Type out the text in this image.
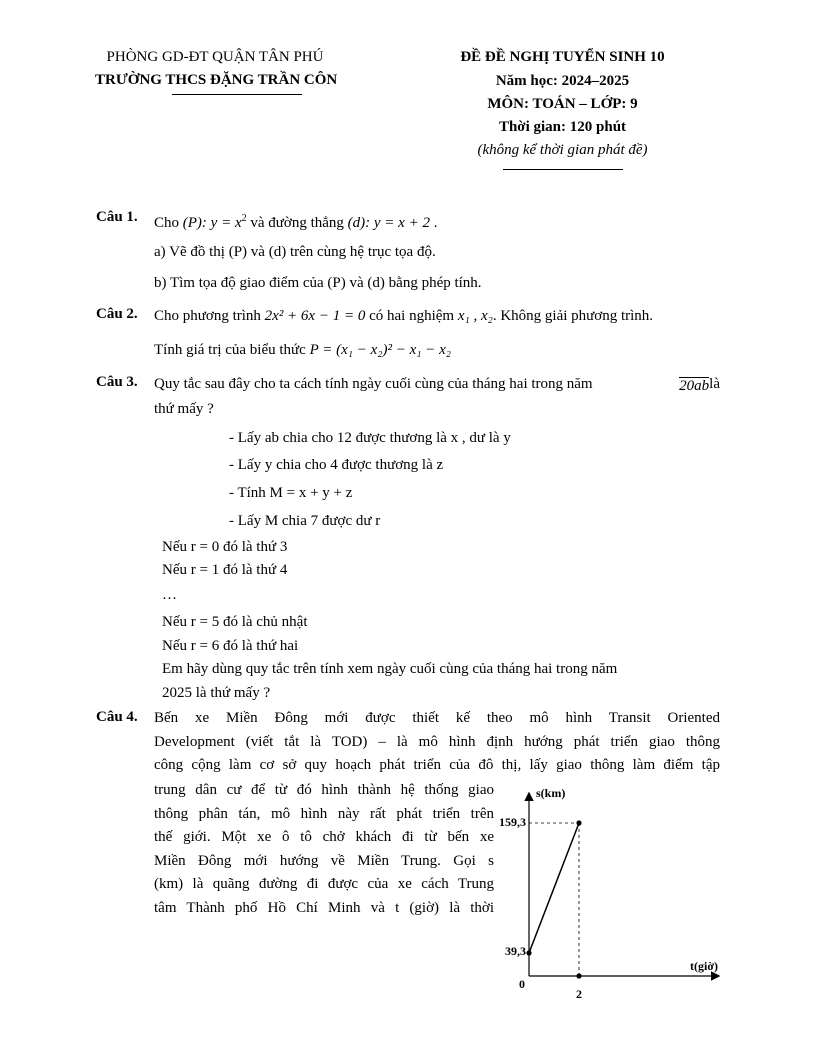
PHÒNG GD-ĐT QUẬN TÂN PHÚ
TRƯỜNG THCS ĐẶNG TRẦN CÔN
ĐỀ ĐỀ NGHỊ TUYỂN SINH 10
Năm học: 2024–2025
MÔN: TOÁN – LỚP: 9
Thời gian: 120 phút
(không kể thời gian phát đề)
Câu 1. Cho (P): $y = x^2$ và đường thẳng (d): y = x + 2 .
a) Vẽ đồ thị (P) và (d) trên cùng hệ trục tọa độ.
b) Tìm tọa độ giao điểm của (P) và (d) bằng phép tính.
Câu 2. Cho phương trình 2x² + 6x − 1 = 0 có hai nghiệm x₁ , x₂. Không giải phương trình.
Tính giá trị của biểu thức P = (x₁ − x₂)² − x₁ − x₂
Câu 3. Quy tắc sau đây cho ta cách tính ngày cuối cùng của tháng hai trong năm	20ab là
thứ mấy ?
- Lấy ab chia cho 12 được thương là x , dư là y
- Lấy y chia cho 4 được thương là z
- Tính M = x + y + z
- Lấy M chia 7 được dư r
Nếu r = 0 đó là thứ 3
Nếu r = 1 đó là thứ 4
…
Nếu r = 5 đó là chủ nhật
Nếu r = 6 đó là thứ hai
Em hãy dùng quy tắc trên tính xem ngày cuối cùng của tháng hai trong năm
2025 là thứ mấy ?
Câu 4. Bến xe Miền Đông mới được thiết kế theo mô hình Transit Oriented
Development (viết tắt là TOD) – là mô hình định hướng phát triển giao thông
công cộng làm cơ sở quy hoạch phát triển của đô thị, lấy giao thông làm điểm tập
trung dân cư để từ đó hình thành hệ thống giao
thông phân tán, mô hình này rất phát triển trên
thế giới. Một xe ô tô chở khách đi từ bến xe
Miền Đông mới hướng về Miền Trung. Gọi s
(km) là quãng đường đi được của xe cách Trung
tâm Thành phố Hồ Chí Minh và t (giờ) là thời
s(km)
t(giờ)
0
2
39,3
159,3
